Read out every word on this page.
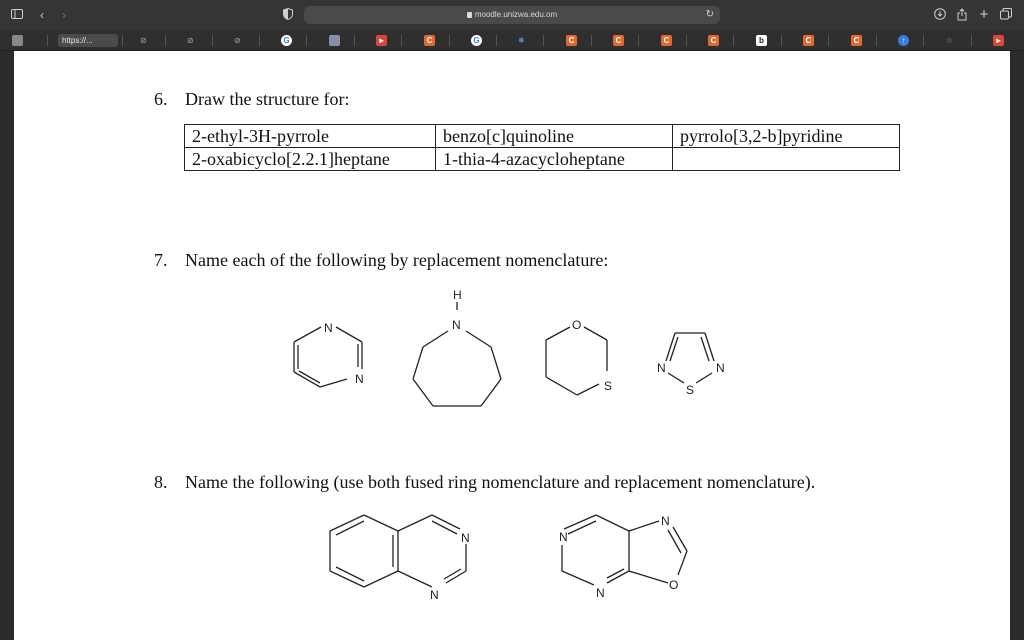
‹	›	moodle.unizwa.edu.om	↻	+
https://...	⊘	⊘	⊘	G	▸	C	G	✵	C	C	C	C	b	C	C	↑	☆	▸
6. Draw the structure for:
2-ethyl-3H-pyrrole	benzo[c]quinoline	pyrrolo[3,2-b]pyridine
2-oxabicyclo[2.2.1]heptane	1-thia-4-azacycloheptane	
7. Name each of the following by replacement nomenclature:
N
N
H
N	O
S
N	N
S
8. Name the following (use both fused ring nomenclature and replacement nomenclature).
N
N
N
N
N
O
